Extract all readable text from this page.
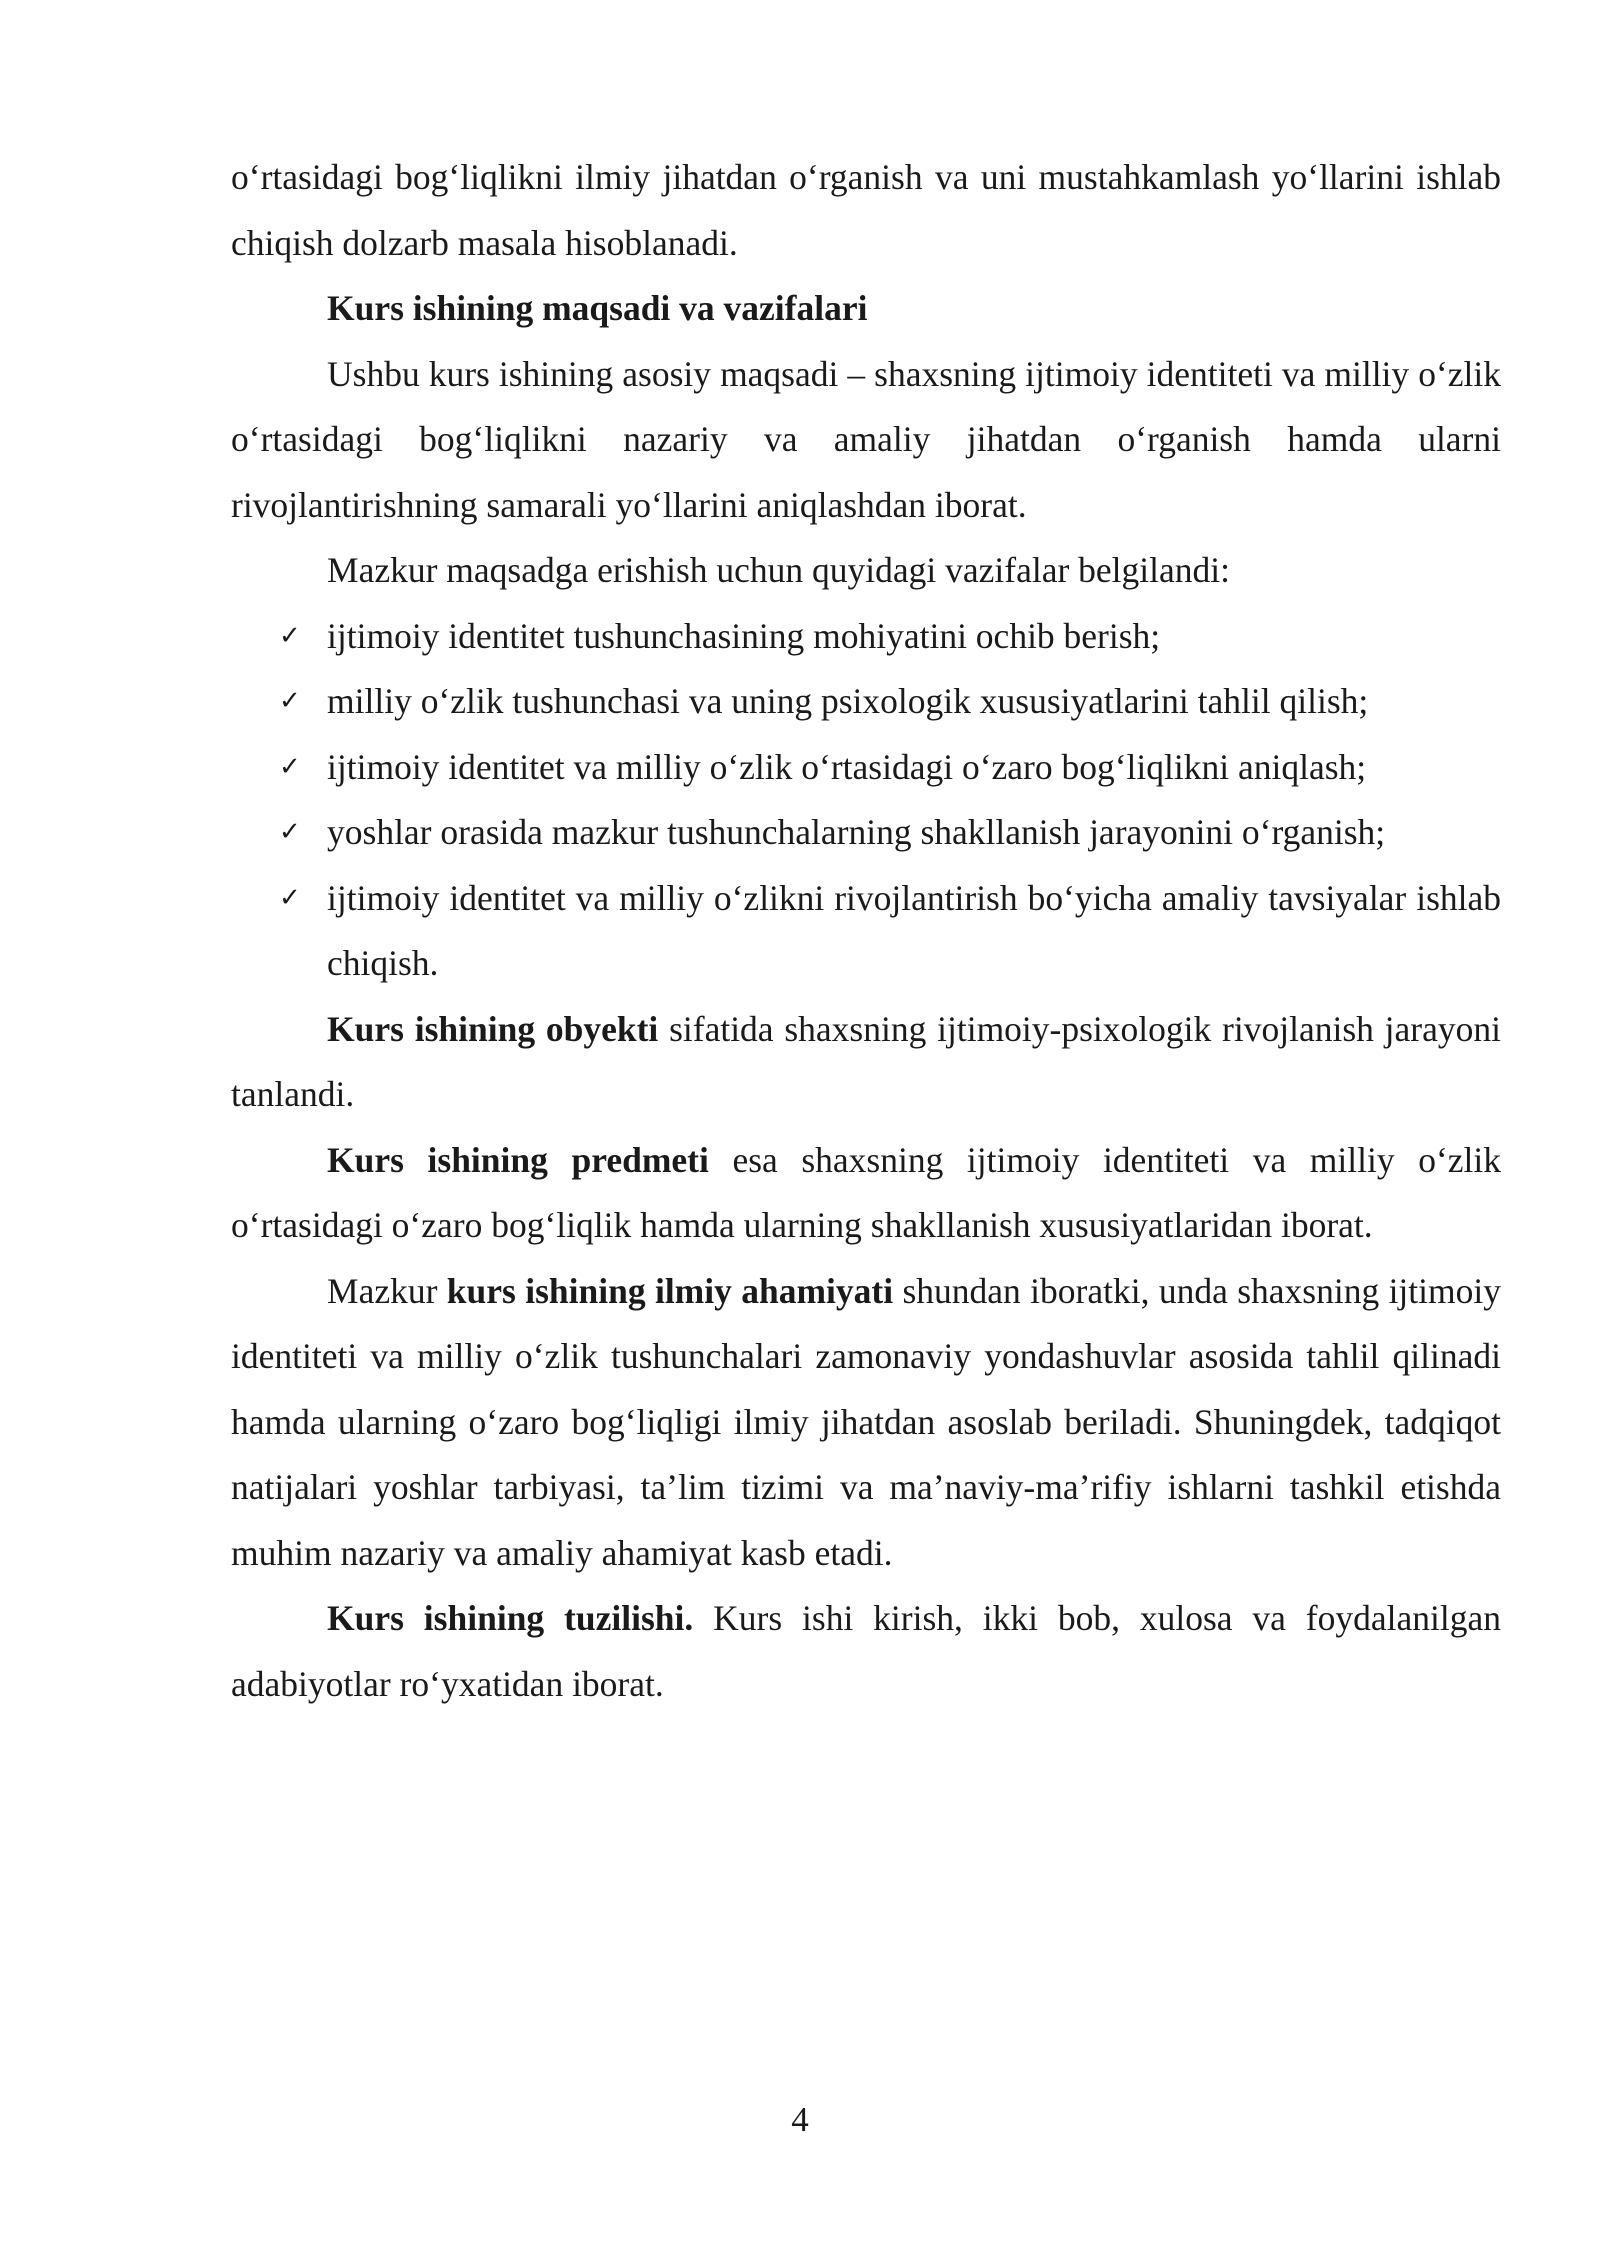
o‘rtasidagi bog‘liqlikni ilmiy jihatdan o‘rganish va uni mustahkamlash yo‘llarini ishlab chiqish dolzarb masala hisoblanadi.

Kurs ishining maqsadi va vazifalari

Ushbu kurs ishining asosiy maqsadi – shaxsning ijtimoiy identiteti va milliy o‘zlik o‘rtasidagi bog‘liqlikni nazariy va amaliy jihatdan o‘rganish hamda ularni rivojlantirishning samarali yo‘llarini aniqlashdan iborat.

Mazkur maqsadga erishish uchun quyidagi vazifalar belgilandi:

✓ ijtimoiy identitet tushunchasining mohiyatini ochib berish;
✓ milliy o‘zlik tushunchasi va uning psixologik xususiyatlarini tahlil qilish;
✓ ijtimoiy identitet va milliy o‘zlik o‘rtasidagi o‘zaro bog‘liqlikni aniqlash;
✓ yoshlar orasida mazkur tushunchalarning shakllanish jarayonini o‘rganish;
✓ ijtimoiy identitet va milliy o‘zlikni rivojlantirish bo‘yicha amaliy tavsiyalar ishlab chiqish.

Kurs ishining obyekti sifatida shaxsning ijtimoiy-psixologik rivojlanish jarayoni tanlandi.

Kurs ishining predmeti esa shaxsning ijtimoiy identiteti va milliy o‘zlik o‘rtasidagi o‘zaro bog‘liqlik hamda ularning shakllanish xususiyatlaridan iborat.

Mazkur kurs ishining ilmiy ahamiyati shundan iboratki, unda shaxsning ijtimoiy identiteti va milliy o‘zlik tushunchalari zamonaviy yondashuvlar asosida tahlil qilinadi hamda ularning o‘zaro bog‘liqligi ilmiy jihatdan asoslab beriladi. Shuningdek, tadqiqot natijalari yoshlar tarbiyasi, ta’lim tizimi va ma’naviy-ma’rifiy ishlarni tashkil etishda muhim nazariy va amaliy ahamiyat kasb etadi.

Kurs ishining tuzilishi. Kurs ishi kirish, ikki bob, xulosa va foydalanilgan adabiyotlar ro‘yxatidan iborat.

4
